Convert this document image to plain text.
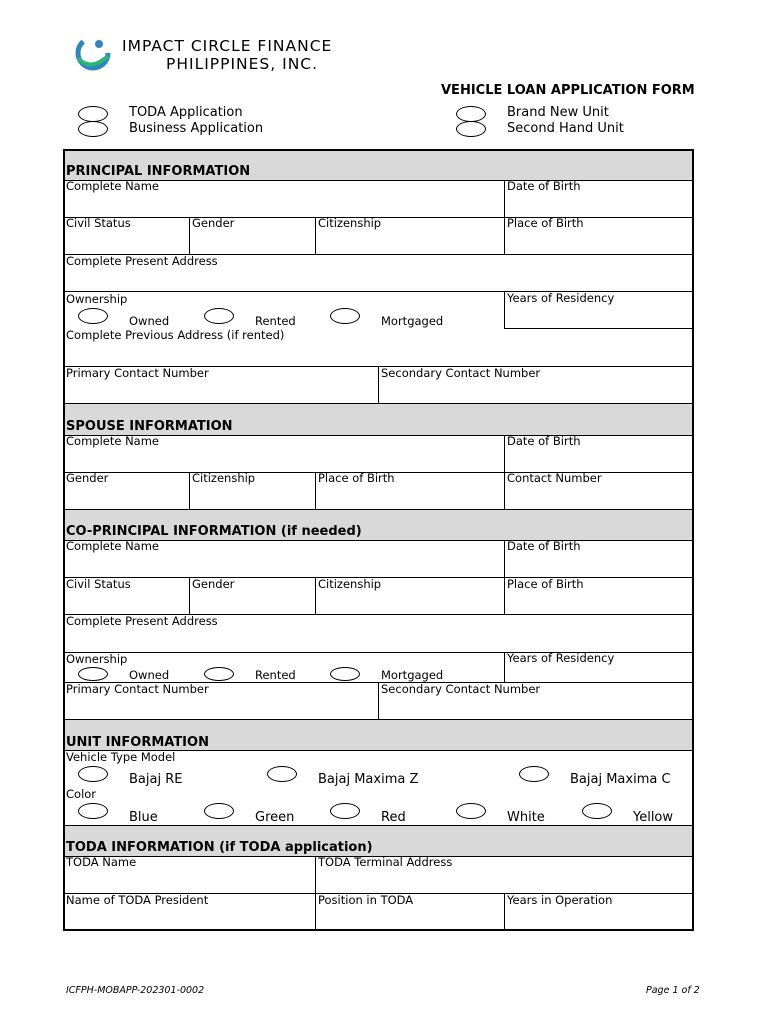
IMPACT CIRCLE FINANCE
PHILIPPINES, INC.
VEHICLE LOAN APPLICATION FORM
TODA Application
Business Application
Brand New Unit
Second Hand Unit
PRINCIPAL INFORMATION
Complete Name	Date of Birth
Civil Status	Gender	Citizenship	Place of Birth
Complete Present Address
Ownership
Owned	Rented	Mortgaged
Years of Residency
Complete Previous Address (if rented)
Primary Contact Number	Secondary Contact Number
SPOUSE INFORMATION
Complete Name	Date of Birth
Gender	Citizenship	Place of Birth	Contact Number
CO-PRINCIPAL INFORMATION (if needed)
Complete Name	Date of Birth
Civil Status	Gender	Citizenship	Place of Birth
Complete Present Address
Ownership
Owned	Rented	Mortgaged
Years of Residency
Primary Contact Number	Secondary Contact Number
UNIT INFORMATION
Vehicle Type Model
Bajaj RE	Bajaj Maxima Z	Bajaj Maxima C
Color
Blue	Green	Red	White	Yellow
TODA INFORMATION (if TODA application)
TODA Name	TODA Terminal Address
Name of TODA President	Position in TODA	Years in Operation
ICFPH-MOBAPP-202301-0002	Page 1 of 2
